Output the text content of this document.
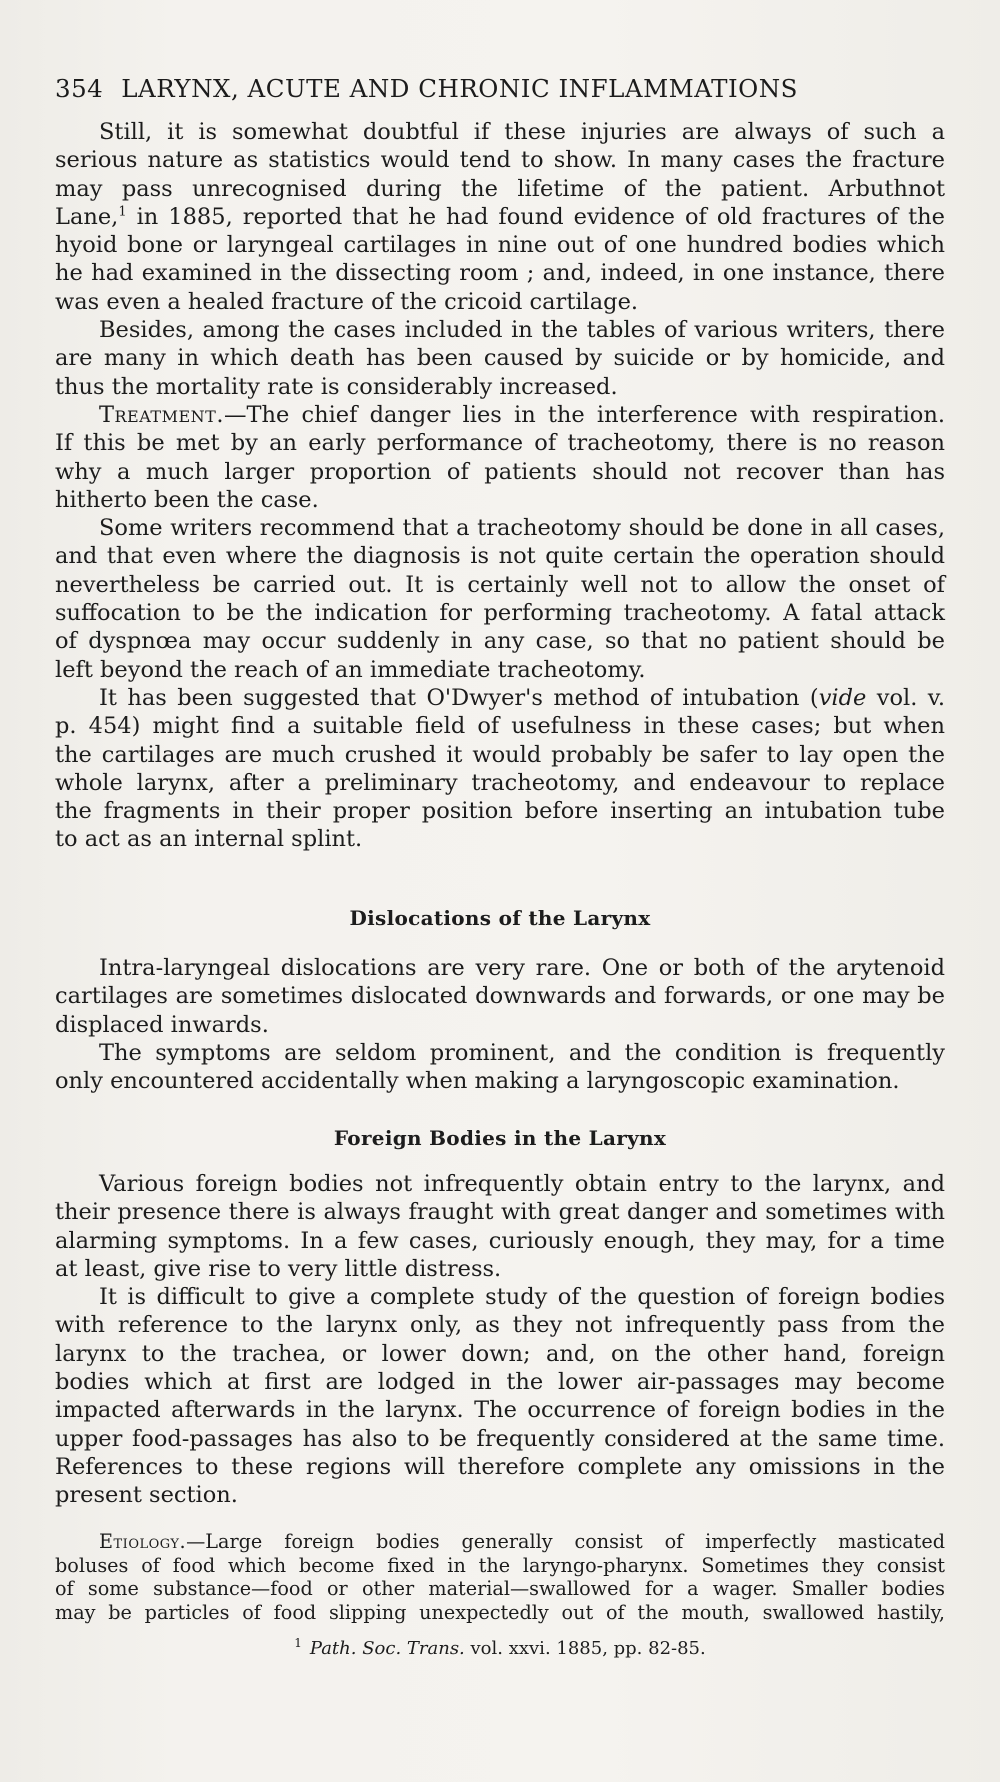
354 LARYNX, ACUTE AND CHRONIC INFLAMMATIONS
Still, it is somewhat doubtful if these injuries are always of such a
serious nature as statistics would tend to show. In many cases the fracture
may pass unrecognised during the lifetime of the patient. Arbuthnot
Lane,$^1$ in 1885, reported that he had found evidence of old fractures of the
hyoid bone or laryngeal cartilages in nine out of one hundred bodies which
he had examined in the dissecting room ; and, indeed, in one instance, there
was even a healed fracture of the cricoid cartilage.
Besides, among the cases included in the tables of various writers, there
are many in which death has been caused by suicide or by homicide, and
thus the mortality rate is considerably increased.
Treatment.—The chief danger lies in the interference with respiration.
If this be met by an early performance of tracheotomy, there is no reason
why a much larger proportion of patients should not recover than has
hitherto been the case.
Some writers recommend that a tracheotomy should be done in all cases,
and that even where the diagnosis is not quite certain the operation should
nevertheless be carried out. It is certainly well not to allow the onset of
suffocation to be the indication for performing tracheotomy. A fatal attack
of dyspnœa may occur suddenly in any case, so that no patient should be
left beyond the reach of an immediate tracheotomy.
It has been suggested that O'Dwyer's method of intubation (vide vol. v.
p. 454) might find a suitable field of usefulness in these cases; but when
the cartilages are much crushed it would probably be safer to lay open the
whole larynx, after a preliminary tracheotomy, and endeavour to replace
the fragments in their proper position before inserting an intubation tube
to act as an internal splint.
Dislocations of the Larynx
Intra-laryngeal dislocations are very rare. One or both of the arytenoid
cartilages are sometimes dislocated downwards and forwards, or one may be
displaced inwards.
The symptoms are seldom prominent, and the condition is frequently
only encountered accidentally when making a laryngoscopic examination.
Foreign Bodies in the Larynx
Various foreign bodies not infrequently obtain entry to the larynx, and
their presence there is always fraught with great danger and sometimes with
alarming symptoms. In a few cases, curiously enough, they may, for a time
at least, give rise to very little distress.
It is difficult to give a complete study of the question of foreign bodies
with reference to the larynx only, as they not infrequently pass from the
larynx to the trachea, or lower down; and, on the other hand, foreign
bodies which at first are lodged in the lower air-passages may become
impacted afterwards in the larynx. The occurrence of foreign bodies in the
upper food-passages has also to be frequently considered at the same time.
References to these regions will therefore complete any omissions in the
present section.
Etiology.—Large foreign bodies generally consist of imperfectly masticated
boluses of food which become fixed in the laryngo-pharynx. Sometimes they consist
of some substance—food or other material—swallowed for a wager. Smaller bodies
may be particles of food slipping unexpectedly out of the mouth, swallowed hastily,
$^1$ Path. Soc. Trans. vol. xxvi. 1885, pp. 82-85.
